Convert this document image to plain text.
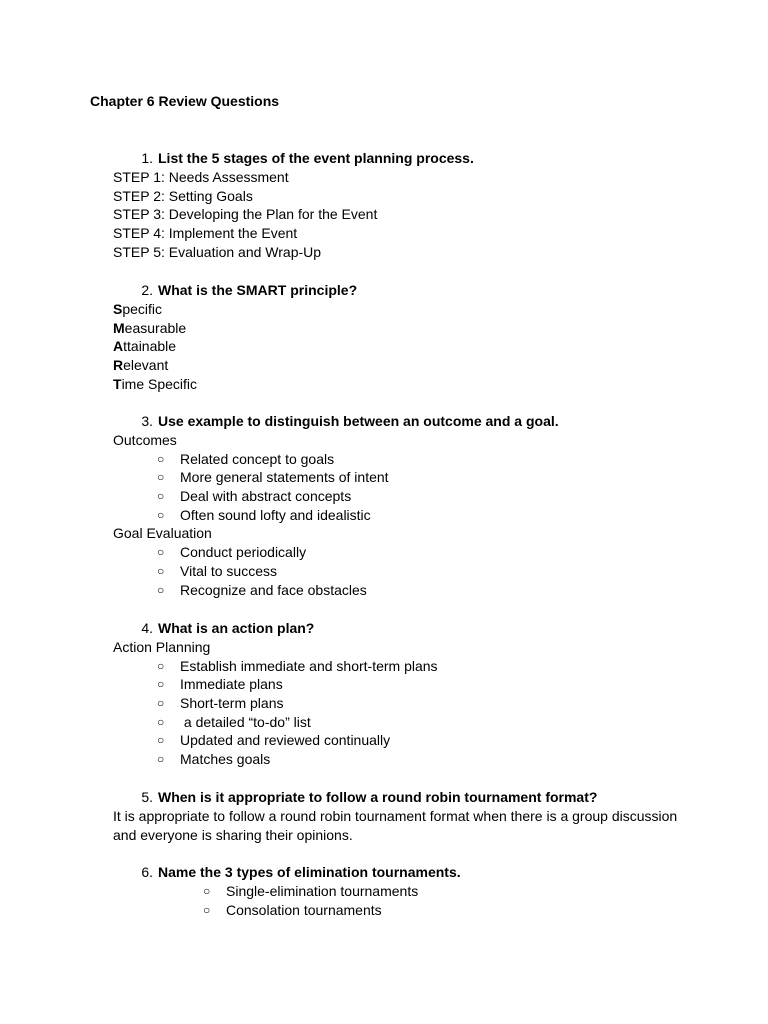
Chapter 6 Review Questions
1. List the 5 stages of the event planning process.
STEP 1: Needs Assessment
STEP 2: Setting Goals
STEP 3: Developing the Plan for the Event
STEP 4: Implement the Event
STEP 5: Evaluation and Wrap-Up
2. What is the SMART principle?
Specific
Measurable
Attainable
Relevant
Time Specific
3. Use example to distinguish between an outcome and a goal.
Outcomes
○ Related concept to goals
○ More general statements of intent
○ Deal with abstract concepts
○ Often sound lofty and idealistic
Goal Evaluation
○ Conduct periodically
○ Vital to success
○ Recognize and face obstacles
4. What is an action plan?
Action Planning
○ Establish immediate and short-term plans
○ Immediate plans
○ Short-term plans
○ a detailed “to-do” list
○ Updated and reviewed continually
○ Matches goals
5. When is it appropriate to follow a round robin tournament format?
It is appropriate to follow a round robin tournament format when there is a group discussion and everyone is sharing their opinions.
6. Name the 3 types of elimination tournaments.
○ Single-elimination tournaments
○ Consolation tournaments
